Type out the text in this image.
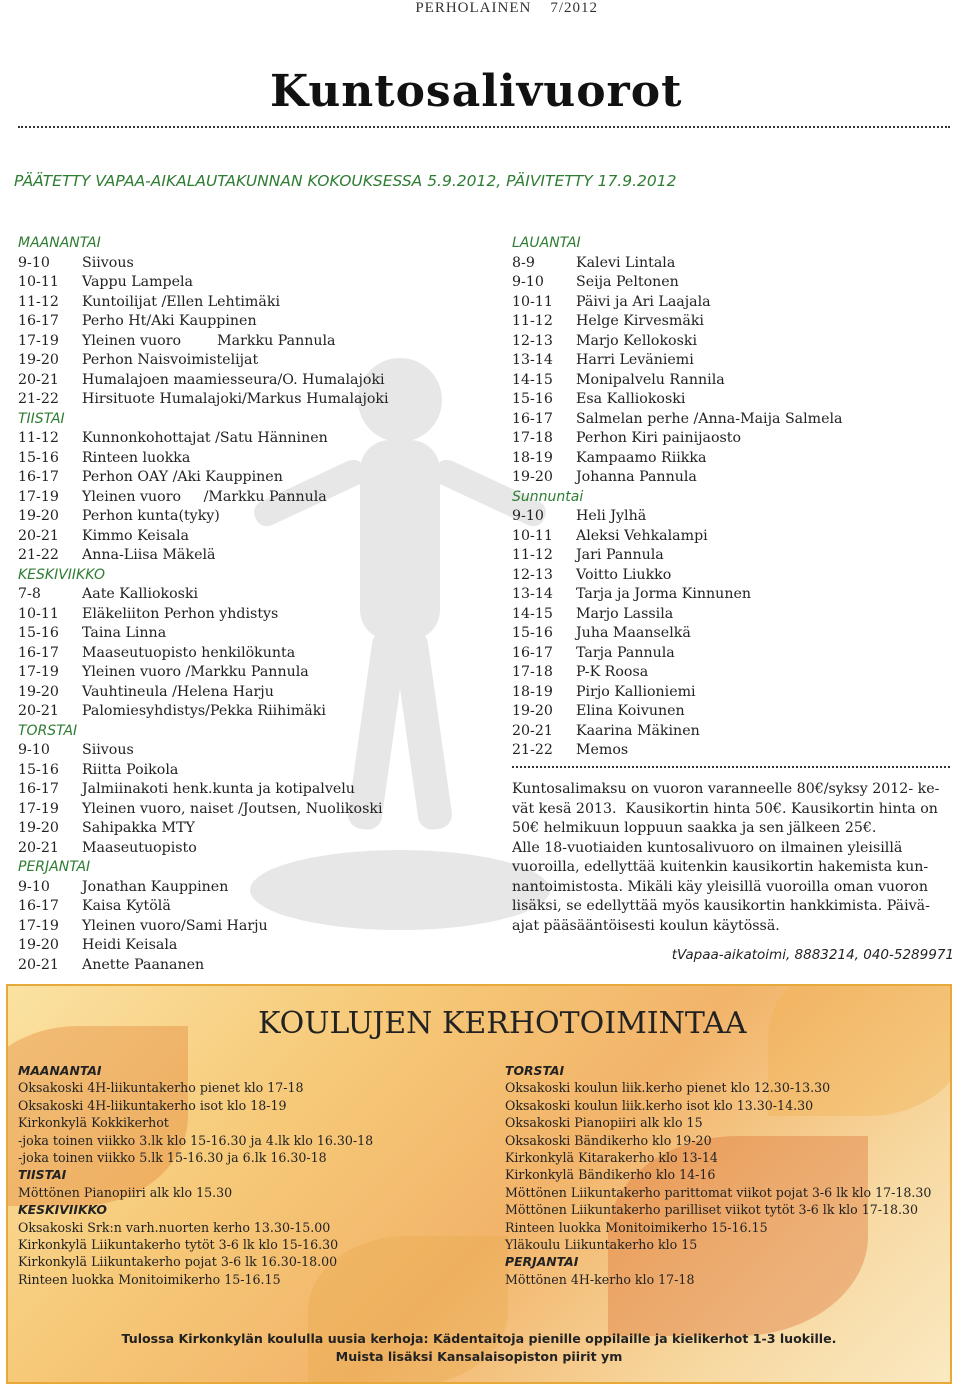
PERHOLAINEN 7/2012
Kuntosalivuorot
PÄÄTETTY VAPAA-AIKALAUTAKUNNAN KOKOUKSESSA 5.9.2012, PÄIVITETTY 17.9.2012
MAANANTAI
9-10	Siivous
10-11	Vappu Lampela
11-12	Kuntoilijat /Ellen Lehtimäki
16-17	Perho Ht/Aki Kauppinen
17-19	Yleinen vuoro        Markku Pannula
19-20	Perhon Naisvoimistelijat
20-21	Humalajoen maamiesseura/O. Humalajoki
21-22	Hirsituote Humalajoki/Markus Humalajoki
TIISTAI
11-12	Kunnonkohottajat /Satu Hänninen
15-16	Rinteen luokka
16-17	Perhon OAY /Aki Kauppinen
17-19	Yleinen vuoro     /Markku Pannula
19-20	Perhon kunta(tyky)
20-21	Kimmo Keisala
21-22	Anna-Liisa Mäkelä
KESKIVIIKKO
7-8	Aate Kalliokoski
10-11	Eläkeliiton Perhon yhdistys
15-16	Taina Linna
16-17	Maaseutuopisto henkilökunta
17-19	Yleinen vuoro /Markku Pannula
19-20	Vauhtineula /Helena Harju
20-21	Palomiesyhdistys/Pekka Riihimäki
TORSTAI
9-10	Siivous
15-16	Riitta Poikola
16-17	Jalmiinakoti henk.kunta ja kotipalvelu
17-19	Yleinen vuoro, naiset /Joutsen, Nuolikoski
19-20	Sahipakka MTY
20-21	Maaseutuopisto
PERJANTAI
9-10	Jonathan Kauppinen
16-17	Kaisa Kytölä
17-19	Yleinen vuoro/Sami Harju
19-20	Heidi Keisala
20-21	Anette Paananen
LAUANTAI
8-9	Kalevi Lintala
9-10	Seija Peltonen
10-11	Päivi ja Ari Laajala
11-12	Helge Kirvesmäki
12-13	Marjo Kellokoski
13-14	Harri Leväniemi
14-15	Monipalvelu Rannila
15-16	Esa Kalliokoski
16-17	Salmelan perhe /Anna-Maija Salmela
17-18	Perhon Kiri painijaosto
18-19	Kampaamo Riikka
19-20	Johanna Pannula
Sunnuntai
9-10	Heli Jylhä
10-11	Aleksi Vehkalampi
11-12	Jari Pannula
12-13	Voitto Liukko
13-14	Tarja ja Jorma Kinnunen
14-15	Marjo Lassila
15-16	Juha Maanselkä
16-17	Tarja Pannula
17-18	P-K Roosa
18-19	Pirjo Kallioniemi
19-20	Elina Koivunen
20-21	Kaarina Mäkinen
21-22	Memos
Kuntosalimaksu on vuoron varanneelle 80€/syksy 2012- ke-
vät kesä 2013.  Kausikortin hinta 50€. Kausikortin hinta on
50€ helmikuun loppuun saakka ja sen jälkeen 25€.
Alle 18-vuotiaiden kuntosalivuoro on ilmainen yleisillä
vuoroilla, edellyttää kuitenkin kausikortin hakemista kun-
nantoimistosta. Mikäli käy yleisillä vuoroilla oman vuoron
lisäksi, se edellyttää myös kausikortin hankkimista. Päivä-
ajat pääsääntöisesti koulun käytössä.
tVapaa-aikatoimi, 8883214, 040-5289971
KOULUJEN KERHOTOIMINTAA
MAANANTAI
Oksakoski 4H-liikuntakerho pienet klo 17-18
Oksakoski 4H-liikuntakerho isot klo 18-19
Kirkonkylä Kokkikerhot
-joka toinen viikko 3.lk klo 15-16.30 ja 4.lk klo 16.30-18
-joka toinen viikko 5.lk 15-16.30 ja 6.lk 16.30-18
TIISTAI
Möttönen Pianopiiri alk klo 15.30
KESKIVIIKKO
Oksakoski Srk:n varh.nuorten kerho 13.30-15.00
Kirkonkylä Liikuntakerho tytöt 3-6 lk klo 15-16.30
Kirkonkylä Liikuntakerho pojat 3-6 lk 16.30-18.00
Rinteen luokka Monitoimikerho 15-16.15
TORSTAI
Oksakoski koulun liik.kerho pienet klo 12.30-13.30
Oksakoski koulun liik.kerho isot klo 13.30-14.30
Oksakoski Pianopiiri alk klo 15
Oksakoski Bändikerho klo 19-20
Kirkonkylä Kitarakerho klo 13-14
Kirkonkylä Bändikerho klo 14-16
Möttönen Liikuntakerho parittomat viikot pojat 3-6 lk klo 17-18.30
Möttönen Liikuntakerho parilliset viikot tytöt 3-6 lk klo 17-18.30
Rinteen luokka Monitoimikerho 15-16.15
Yläkoulu Liikuntakerho klo 15
PERJANTAI
Möttönen 4H-kerho klo 17-18
Tulossa Kirkonkylän koululla uusia kerhoja: Kädentaitoja pienille oppilaille ja kielikerhot 1-3 luokille.
Muista lisäksi Kansalaisopiston piirit ym
